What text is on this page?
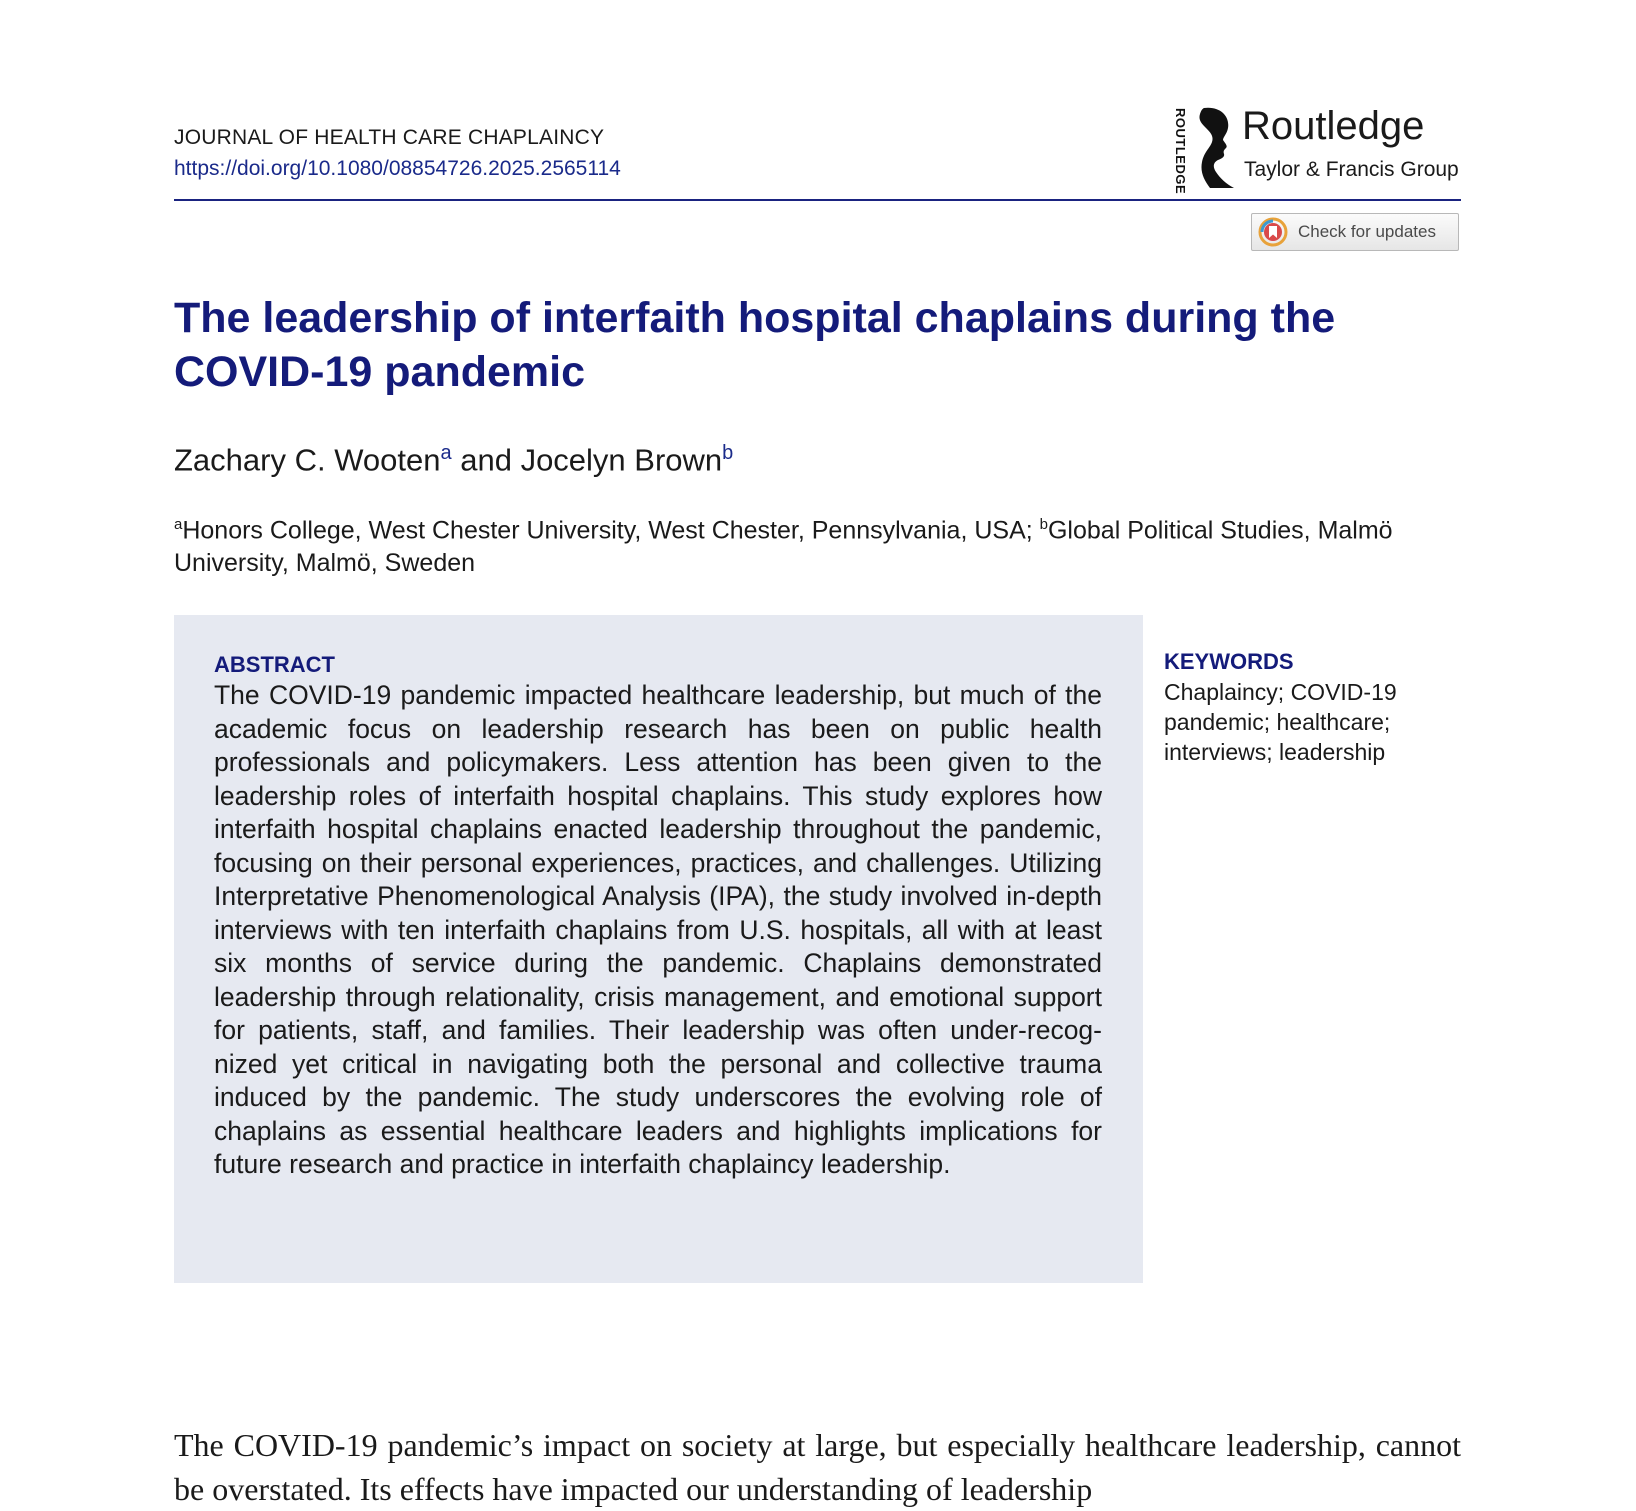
JOURNAL OF HEALTH CARE CHAPLAINCY
https://doi.org/10.1080/08854726.2025.2565114	ROUTLEDGE Routledge
Taylor & Francis Group
Check for updates
The leadership of interfaith hospital chaplains during the COVID-19 pandemic
Zachary C. Wooten$^a$ and Jocelyn Brown$^b$
$^a$Honors College, West Chester University, West Chester, Pennsylvania, USA; $^b$Global Political Studies, Malmö University, Malmö, Sweden
ABSTRACT

The COVID-19 pandemic impacted healthcare leadership, but much of the academic focus on leadership research has been on public health professionals and policymakers. Less attention has been given to the leadership roles of interfaith hospital chaplains. This study explores how interfaith hospital chaplains enacted leadership throughout the pandemic, focusing on their personal experiences, practices, and challenges. Utilizing Interpretative Phenomenological Analysis (IPA), the study involved in-depth interviews with ten interfaith chaplains from U.S. hospitals, all with at least six months of service during the pandemic. Chaplains demonstrated leadership through relationality, crisis management, and emotional support for patients, staff, and families. Their leadership was often under-recognized yet critical in navigating both the personal and collective trauma induced by the pandemic. The study underscores the evolving role of chaplains as essential healthcare leaders and highlights implications for future research and practice in interfaith chaplaincy leadership.

KEYWORDS

Chaplaincy; COVID-19 pandemic; healthcare; interviews; leadership

The COVID-19 pandemic’s impact on society at large, but especially healthcare leadership, cannot be overstated. Its effects have impacted our understanding of leadership
